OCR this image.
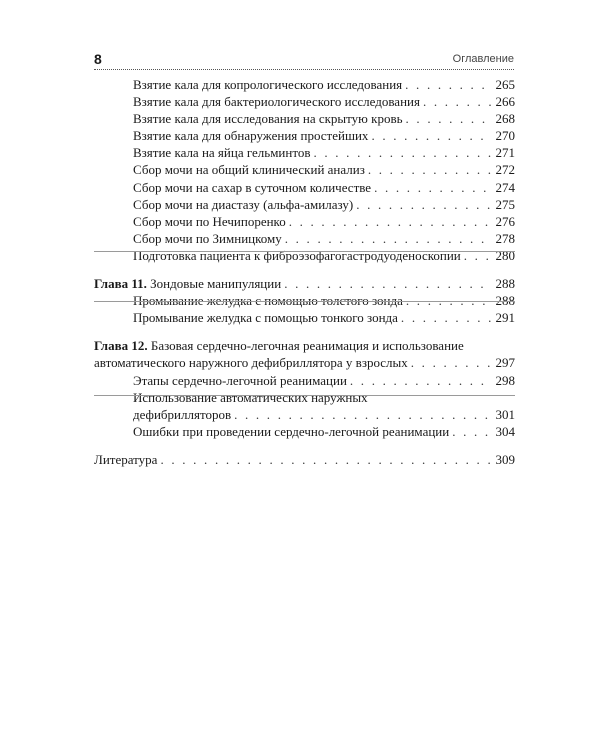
8	Оглавление
Взятие кала для копрологического исследования . . .	265
Взятие кала для бактериологического исследования . . .	266
Взятие кала для исследования на скрытую кровь . . .	268
Взятие кала для обнаружения простейших . . .	270
Взятие кала на яйца гельминтов . . .	271
Сбор мочи на общий клинический анализ . . .	272
Сбор мочи на сахар в суточном количестве . . .	274
Сбор мочи на диастазу (альфа-амилазу) . . .	275
Сбор мочи по Нечипоренко . . .	276
Сбор мочи по Зимницкому . . .	278
Подготовка пациента к фиброэзофагогастродуоденоскопии . . .	280
Глава 11. Зондовые манипуляции . . .	288
Промывание желудка с помощью толстого зонда . . .	288
Промывание желудка с помощью тонкого зонда . . .	291
Глава 12. Базовая сердечно-легочная реанимация и использование
автоматического наружного дефибриллятора у взрослых . . .	297
Этапы сердечно-легочной реанимации . . .	298
Использование автоматических наружных
дефибрилляторов . . .	301
Ошибки при проведении сердечно-легочной реанимации . . .	304
Литература . . .	309
